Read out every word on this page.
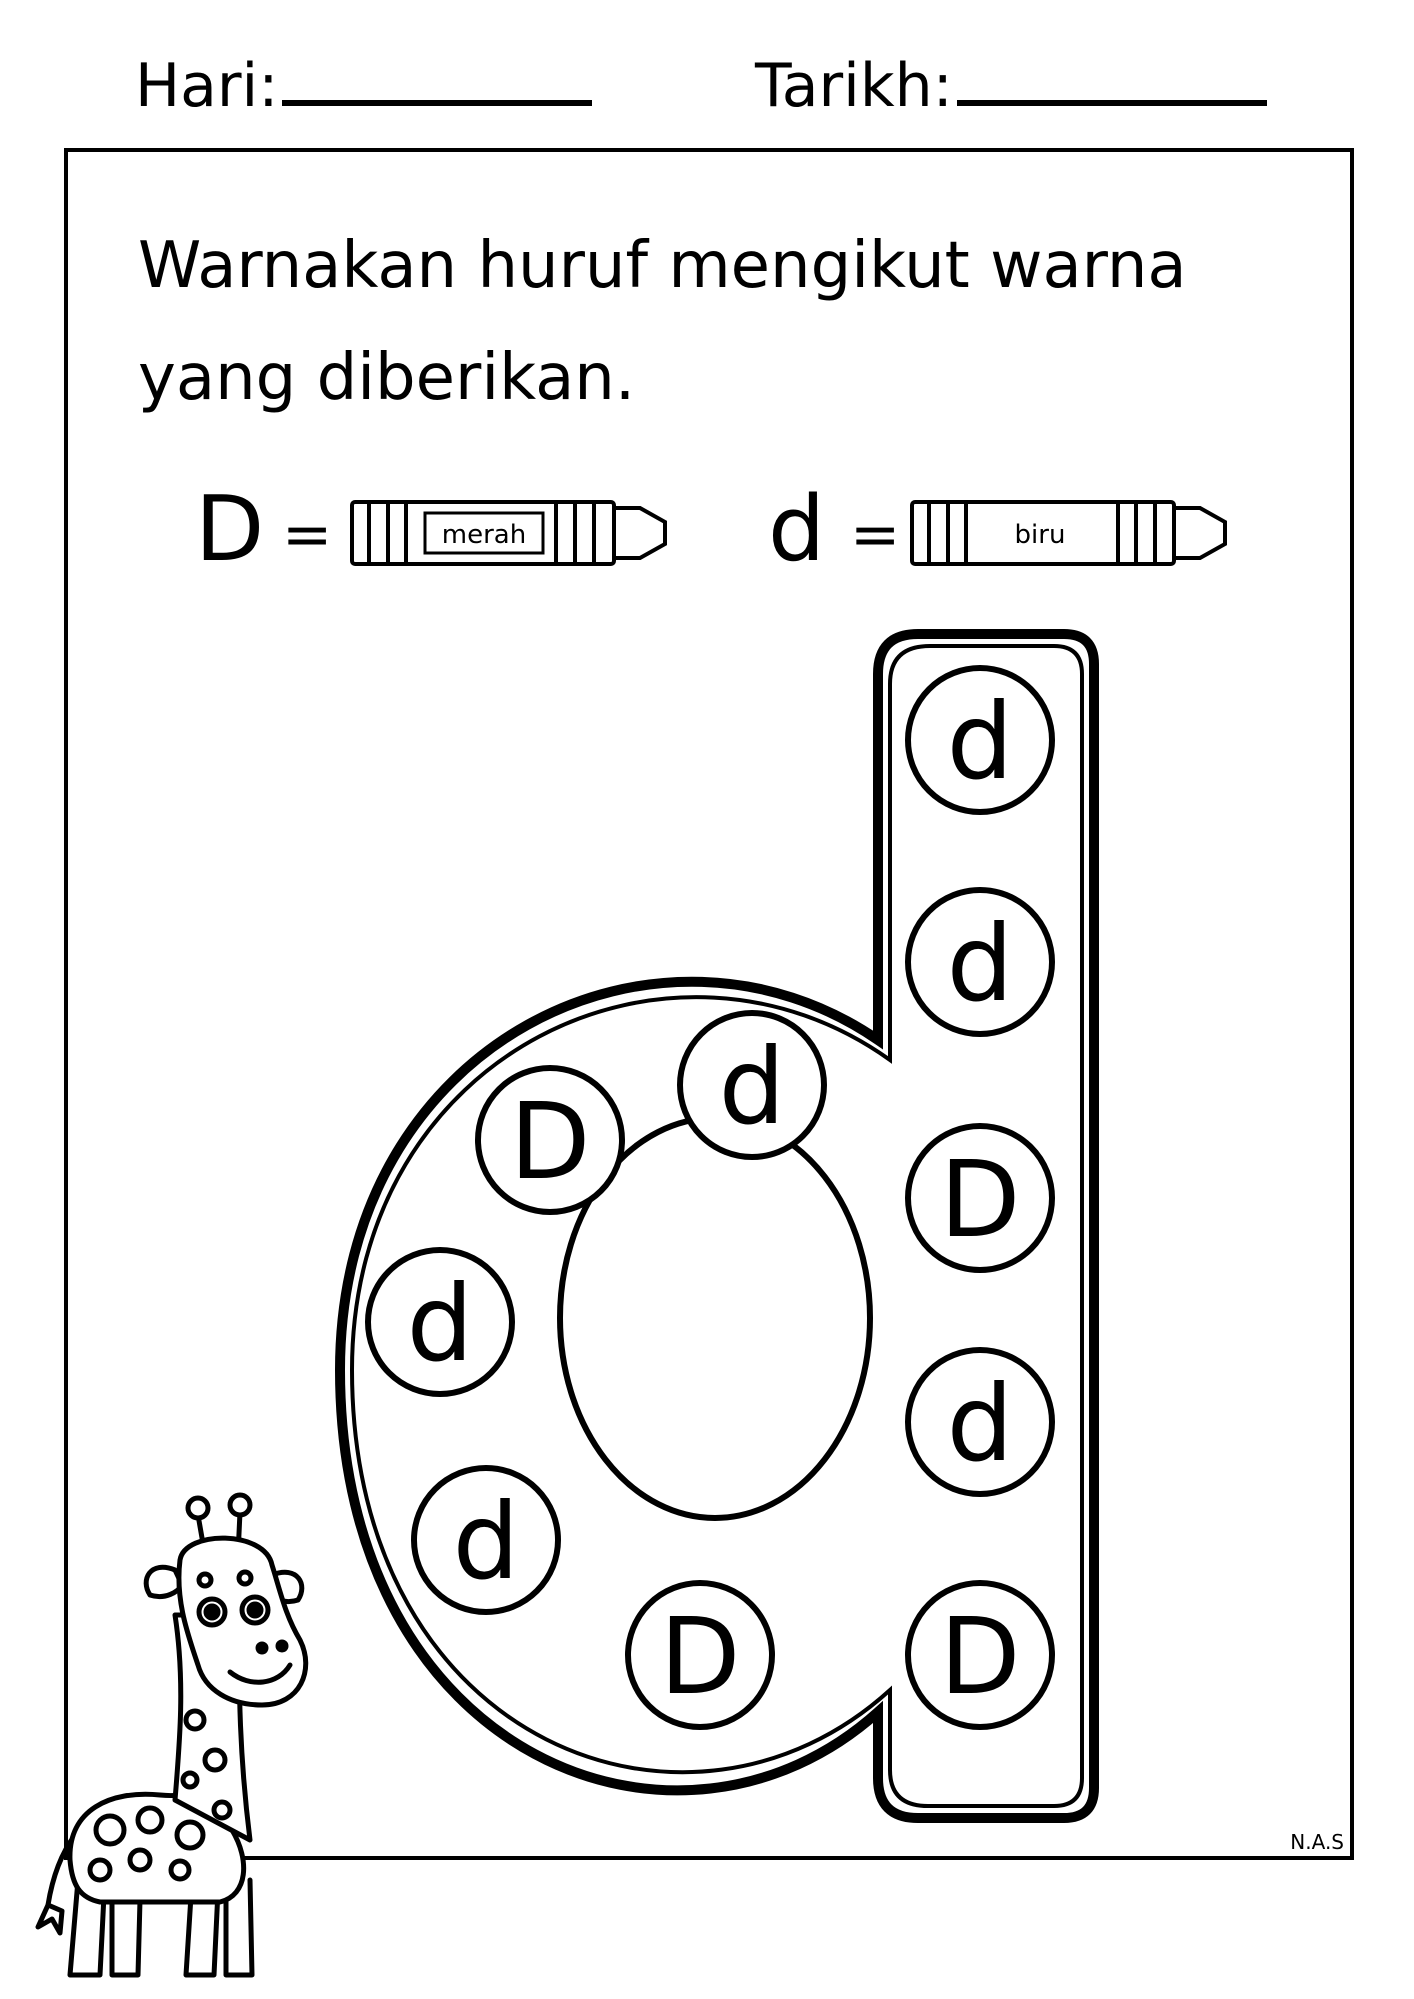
Hari:	Tarikh:

Warnakan huruf mengikut warna yang diberikan.

D =	merah	d =	biru
d
d
d
D	D
d
d
d
D D
N.A.S
